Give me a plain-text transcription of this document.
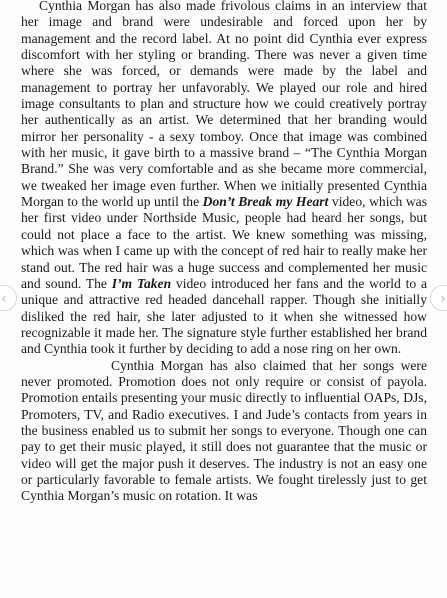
Cynthia Morgan has also made frivolous claims in an interview that her image and brand were undesirable and forced upon her by management and the record label. At no point did Cynthia ever express discomfort with her styling or branding. There was never a given time where she was forced, or demands were made by the label and management to portray her unfavorably. We played our role and hired image consultants to plan and structure how we could creatively portray her authentically as an artist. We determined that her branding would mirror her personality - a sexy tomboy. Once that image was combined with her music, it gave birth to a massive brand – “The Cynthia Morgan Brand.” She was very comfortable and as she became more commercial, we tweaked her image even further. When we initially presented Cynthia Morgan to the world up until the Don’t Break my Heart video, which was her first video under Northside Music, people had heard her songs, but could not place a face to the artist. We knew something was missing, which was when I came up with the concept of red hair to really make her stand out. The red hair was a huge success and complemented her music and sound. The I’m Taken video introduced her fans and the world to a unique and attractive red headed dancehall rapper. Though she initially disliked the red hair, she later adjusted to it when she witnessed how recognizable it made her. The signature style further established her brand and Cynthia took it further by deciding to add a nose ring on her own.

Cynthia Morgan has also claimed that her songs were never promoted. Promotion does not only require or consist of payola. Promotion entails presenting your music directly to influential OAPs, DJs, Promoters, TV, and Radio executives. I and Jude’s contacts from years in the business enabled us to submit her songs to everyone. Though one can pay to get their music played, it still does not guarantee that the music or video will get the major push it deserves. The industry is not an easy one or particularly favorable to female artists. We fought tirelessly just to get Cynthia Morgan’s music on rotation. It was

‹	›
